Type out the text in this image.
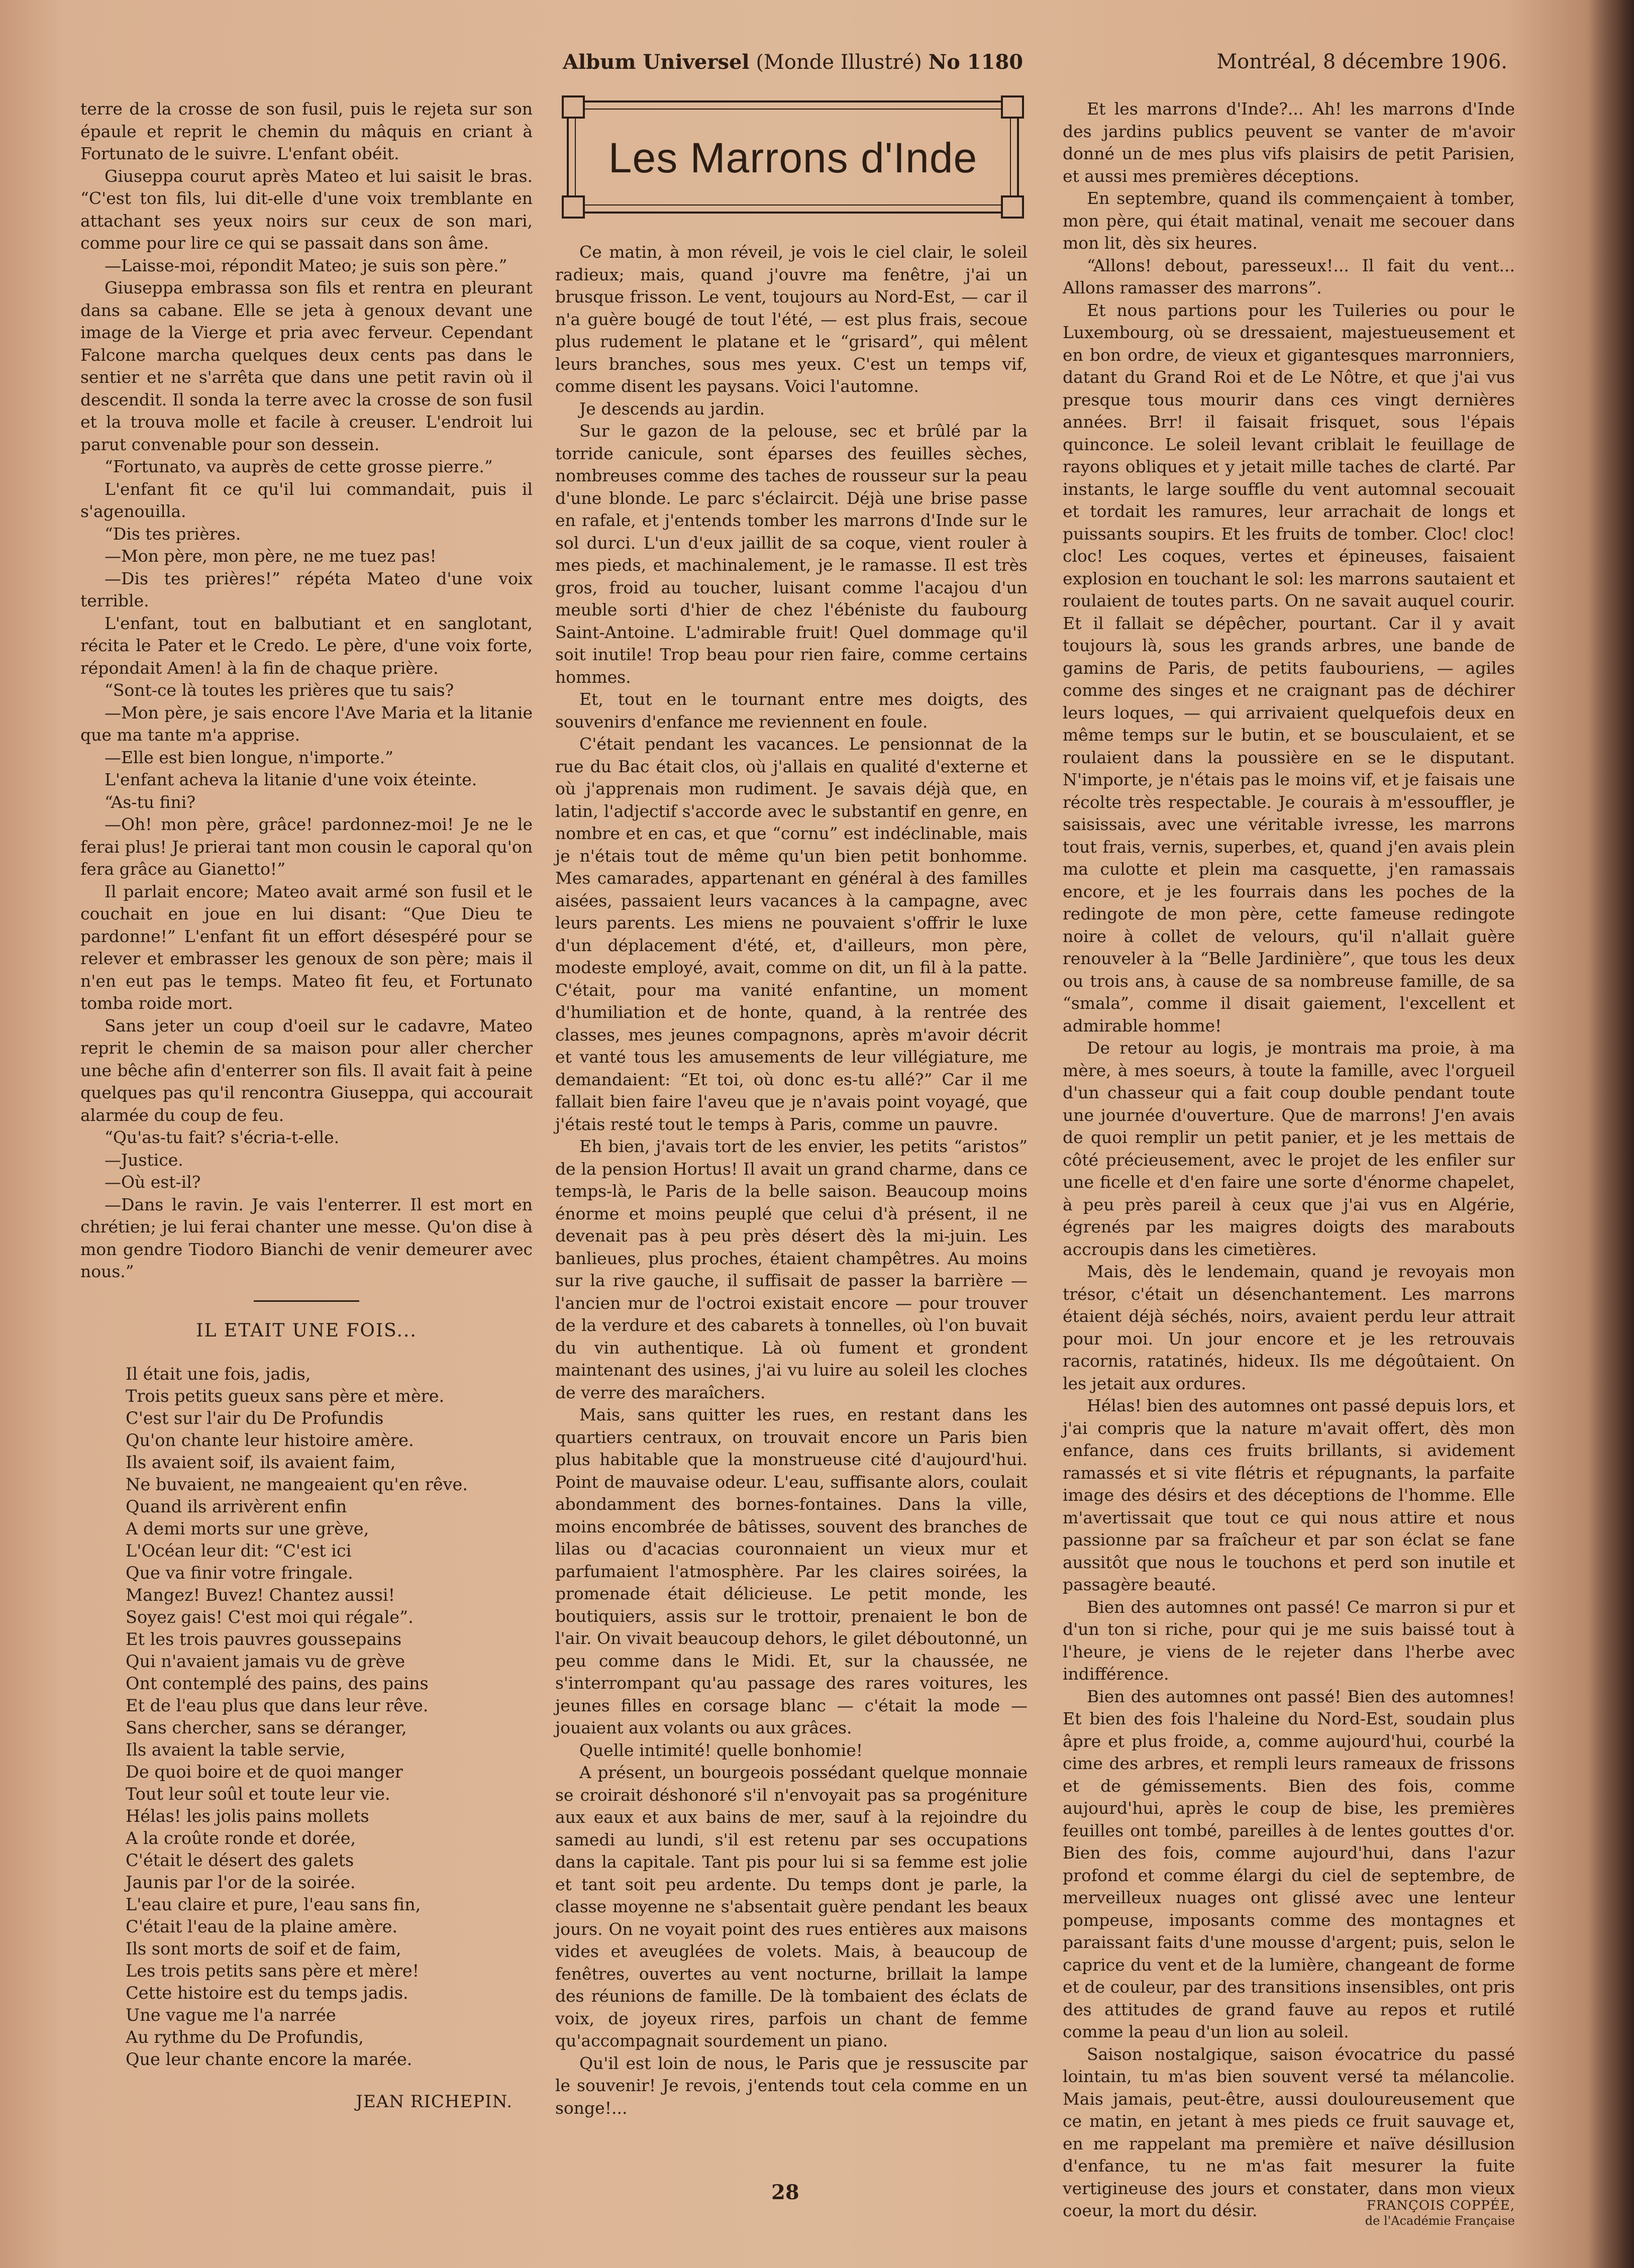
Album Universel (Monde Illustré) No 1180	Montréal, 8 décembre 1906.

terre de la crosse de son fusil, puis le rejeta sur son épaule et reprit le chemin du mâquis en criant à Fortunato de le suivre. L'enfant obéit.

Giuseppa courut après Mateo et lui saisit le bras. “C'est ton fils, lui dit-elle d'une voix tremblante en attachant ses yeux noirs sur ceux de son mari, comme pour lire ce qui se passait dans son âme.

—Laisse-moi, répondit Mateo; je suis son père.”

Giuseppa embrassa son fils et rentra en pleurant dans sa cabane. Elle se jeta à genoux devant une image de la Vierge et pria avec ferveur. Cependant Falcone marcha quelques deux cents pas dans le sentier et ne s'arrêta que dans une petit ravin où il descendit. Il sonda la terre avec la crosse de son fusil et la trouva molle et facile à creuser. L'endroit lui parut convenable pour son dessein.

“Fortunato, va auprès de cette grosse pierre.”

L'enfant fit ce qu'il lui commandait, puis il s'agenouilla.

“Dis tes prières.

—Mon père, mon père, ne me tuez pas!

—Dis tes prières!” répéta Mateo d'une voix terrible.

L'enfant, tout en balbutiant et en sanglotant, récita le Pater et le Credo. Le père, d'une voix forte, répondait Amen! à la fin de chaque prière.

“Sont-ce là toutes les prières que tu sais?

—Mon père, je sais encore l'Ave Maria et la litanie que ma tante m'a apprise.

—Elle est bien longue, n'importe.”

L'enfant acheva la litanie d'une voix éteinte.

“As-tu fini?

—Oh! mon père, grâce! pardonnez-moi! Je ne le ferai plus! Je prierai tant mon cousin le caporal qu'on fera grâce au Gianetto!”

Il parlait encore; Mateo avait armé son fusil et le couchait en joue en lui disant: “Que Dieu te pardonne!” L'enfant fit un effort désespéré pour se relever et embrasser les genoux de son père; mais il n'en eut pas le temps. Mateo fit feu, et Fortunato tomba roide mort.

Sans jeter un coup d'oeil sur le cadavre, Mateo reprit le chemin de sa maison pour aller chercher une bêche afin d'enterrer son fils. Il avait fait à peine quelques pas qu'il rencontra Giuseppa, qui accourait alarmée du coup de feu.

“Qu'as-tu fait? s'écria-t-elle.

—Justice.

—Où est-il?

—Dans le ravin. Je vais l'enterrer. Il est mort en chrétien; je lui ferai chanter une messe. Qu'on dise à mon gendre Tiodoro Bianchi de venir demeurer avec nous.”

IL ETAIT UNE FOIS...
Il était une fois, jadis,
Trois petits gueux sans père et mère.
C'est sur l'air du De Profundis
Qu'on chante leur histoire amère.
Ils avaient soif, ils avaient faim,
Ne buvaient, ne mangeaient qu'en rêve.
Quand ils arrivèrent enfin
A demi morts sur une grève,
L'Océan leur dit: “C'est ici
Que va finir votre fringale.
Mangez! Buvez! Chantez aussi!
Soyez gais! C'est moi qui régale”.
Et les trois pauvres goussepains
Qui n'avaient jamais vu de grève
Ont contemplé des pains, des pains
Et de l'eau plus que dans leur rêve.
Sans chercher, sans se déranger,
Ils avaient la table servie,
De quoi boire et de quoi manger
Tout leur soûl et toute leur vie.
Hélas! les jolis pains mollets
A la croûte ronde et dorée,
C'était le désert des galets
Jaunis par l'or de la soirée.
L'eau claire et pure, l'eau sans fin,
C'était l'eau de la plaine amère.
Ils sont morts de soif et de faim,
Les trois petits sans père et mère!
Cette histoire est du temps jadis.
Une vague me l'a narrée
Au rythme du De Profundis,
Que leur chante encore la marée.
JEAN RICHEPIN.
Les Marrons d'Inde

Ce matin, à mon réveil, je vois le ciel clair, le soleil radieux; mais, quand j'ouvre ma fenêtre, j'ai un brusque frisson. Le vent, toujours au Nord-Est, — car il n'a guère bougé de tout l'été, — est plus frais, secoue plus rudement le platane et le “grisard”, qui mêlent leurs branches, sous mes yeux. C'est un temps vif, comme disent les paysans. Voici l'automne.

Je descends au jardin.

Sur le gazon de la pelouse, sec et brûlé par la torride canicule, sont éparses des feuilles sèches, nombreuses comme des taches de rousseur sur la peau d'une blonde. Le parc s'éclaircit. Déjà une brise passe en rafale, et j'entends tomber les marrons d'Inde sur le sol durci. L'un d'eux jaillit de sa coque, vient rouler à mes pieds, et machinalement, je le ramasse. Il est très gros, froid au toucher, luisant comme l'acajou d'un meuble sorti d'hier de chez l'ébéniste du faubourg Saint-Antoine. L'admirable fruit! Quel dommage qu'il soit inutile! Trop beau pour rien faire, comme certains hommes.

Et, tout en le tournant entre mes doigts, des souvenirs d'enfance me reviennent en foule.

C'était pendant les vacances. Le pensionnat de la rue du Bac était clos, où j'allais en qualité d'externe et où j'apprenais mon rudiment. Je savais déjà que, en latin, l'adjectif s'accorde avec le substantif en genre, en nombre et en cas, et que “cornu” est indéclinable, mais je n'étais tout de même qu'un bien petit bonhomme. Mes camarades, appartenant en général à des familles aisées, passaient leurs vacances à la campagne, avec leurs parents. Les miens ne pouvaient s'offrir le luxe d'un déplacement d'été, et, d'ailleurs, mon père, modeste employé, avait, comme on dit, un fil à la patte. C'était, pour ma vanité enfantine, un moment d'humiliation et de honte, quand, à la rentrée des classes, mes jeunes compagnons, après m'avoir décrit et vanté tous les amusements de leur villégiature, me demandaient: “Et toi, où donc es-tu allé?” Car il me fallait bien faire l'aveu que je n'avais point voyagé, que j'étais resté tout le temps à Paris, comme un pauvre.

Eh bien, j'avais tort de les envier, les petits “aristos” de la pension Hortus! Il avait un grand charme, dans ce temps-là, le Paris de la belle saison. Beaucoup moins énorme et moins peuplé que celui d'à présent, il ne devenait pas à peu près désert dès la mi-juin. Les banlieues, plus proches, étaient champêtres. Au moins sur la rive gauche, il suffisait de passer la barrière — l'ancien mur de l'octroi existait encore — pour trouver de la verdure et des cabarets à tonnelles, où l'on buvait du vin authentique. Là où fument et grondent maintenant des usines, j'ai vu luire au soleil les cloches de verre des maraîchers.

Mais, sans quitter les rues, en restant dans les quartiers centraux, on trouvait encore un Paris bien plus habitable que la monstrueuse cité d'aujourd'hui. Point de mauvaise odeur. L'eau, suffisante alors, coulait abondamment des bornes-fontaines. Dans la ville, moins encombrée de bâtisses, souvent des branches de lilas ou d'acacias couronnaient un vieux mur et parfumaient l'atmosphère. Par les claires soirées, la promenade était délicieuse. Le petit monde, les boutiquiers, assis sur le trottoir, prenaient le bon de l'air. On vivait beaucoup dehors, le gilet déboutonné, un peu comme dans le Midi. Et, sur la chaussée, ne s'interrompant qu'au passage des rares voitures, les jeunes filles en corsage blanc — c'était la mode — jouaient aux volants ou aux grâces.

Quelle intimité! quelle bonhomie!

A présent, un bourgeois possédant quelque monnaie se croirait déshonoré s'il n'envoyait pas sa progéniture aux eaux et aux bains de mer, sauf à la rejoindre du samedi au lundi, s'il est retenu par ses occupations dans la capitale. Tant pis pour lui si sa femme est jolie et tant soit peu ardente. Du temps dont je parle, la classe moyenne ne s'absentait guère pendant les beaux jours. On ne voyait point des rues entières aux maisons vides et aveuglées de volets. Mais, à beaucoup de fenêtres, ouvertes au vent nocturne, brillait la lampe des réunions de famille. De là tombaient des éclats de voix, de joyeux rires, parfois un chant de femme qu'accompagnait sourdement un piano.

Qu'il est loin de nous, le Paris que je ressuscite par le souvenir! Je revois, j'entends tout cela comme en un songe!...

Et les marrons d'Inde?... Ah! les marrons d'Inde des jardins publics peuvent se vanter de m'avoir donné un de mes plus vifs plaisirs de petit Parisien, et aussi mes premières déceptions.

En septembre, quand ils commençaient à tomber, mon père, qui était matinal, venait me secouer dans mon lit, dès six heures.

“Allons! debout, paresseux!... Il fait du vent... Allons ramasser des marrons”.

Et nous partions pour les Tuileries ou pour le Luxembourg, où se dressaient, majestueusement et en bon ordre, de vieux et gigantesques marronniers, datant du Grand Roi et de Le Nôtre, et que j'ai vus presque tous mourir dans ces vingt dernières années. Brr! il faisait frisquet, sous l'épais quinconce. Le soleil levant criblait le feuillage de rayons obliques et y jetait mille taches de clarté. Par instants, le large souffle du vent automnal secouait et tordait les ramures, leur arrachait de longs et puissants soupirs. Et les fruits de tomber. Cloc! cloc! cloc! Les coques, vertes et épineuses, faisaient explosion en touchant le sol: les marrons sautaient et roulaient de toutes parts. On ne savait auquel courir. Et il fallait se dépêcher, pourtant. Car il y avait toujours là, sous les grands arbres, une bande de gamins de Paris, de petits faubouriens, — agiles comme des singes et ne craignant pas de déchirer leurs loques, — qui arrivaient quelquefois deux en même temps sur le butin, et se bousculaient, et se roulaient dans la poussière en se le disputant. N'importe, je n'étais pas le moins vif, et je faisais une récolte très respectable. Je courais à m'essouffler, je saisissais, avec une véritable ivresse, les marrons tout frais, vernis, superbes, et, quand j'en avais plein ma culotte et plein ma casquette, j'en ramassais encore, et je les fourrais dans les poches de la redingote de mon père, cette fameuse redingote noire à collet de velours, qu'il n'allait guère renouveler à la “Belle Jardinière”, que tous les deux ou trois ans, à cause de sa nombreuse famille, de sa “smala”, comme il disait gaiement, l'excellent et admirable homme!

De retour au logis, je montrais ma proie, à ma mère, à mes soeurs, à toute la famille, avec l'orgueil d'un chasseur qui a fait coup double pendant toute une journée d'ouverture. Que de marrons! J'en avais de quoi remplir un petit panier, et je les mettais de côté précieusement, avec le projet de les enfiler sur une ficelle et d'en faire une sorte d'énorme chapelet, à peu près pareil à ceux que j'ai vus en Algérie, égrenés par les maigres doigts des marabouts accroupis dans les cimetières.

Mais, dès le lendemain, quand je revoyais mon trésor, c'était un désenchantement. Les marrons étaient déjà séchés, noirs, avaient perdu leur attrait pour moi. Un jour encore et je les retrouvais racornis, ratatinés, hideux. Ils me dégoûtaient. On les jetait aux ordures.

Hélas! bien des automnes ont passé depuis lors, et j'ai compris que la nature m'avait offert, dès mon enfance, dans ces fruits brillants, si avidement ramassés et si vite flétris et répugnants, la parfaite image des désirs et des déceptions de l'homme. Elle m'avertissait que tout ce qui nous attire et nous passionne par sa fraîcheur et par son éclat se fane aussitôt que nous le touchons et perd son inutile et passagère beauté.

Bien des automnes ont passé! Ce marron si pur et d'un ton si riche, pour qui je me suis baissé tout à l'heure, je viens de le rejeter dans l'herbe avec indifférence.

Bien des automnes ont passé! Bien des automnes! Et bien des fois l'haleine du Nord-Est, soudain plus âpre et plus froide, a, comme aujourd'hui, courbé la cime des arbres, et rempli leurs rameaux de frissons et de gémissements. Bien des fois, comme aujourd'hui, après le coup de bise, les premières feuilles ont tombé, pareilles à de lentes gouttes d'or. Bien des fois, comme aujourd'hui, dans l'azur profond et comme élargi du ciel de septembre, de merveilleux nuages ont glissé avec une lenteur pompeuse, imposants comme des montagnes et paraissant faits d'une mousse d'argent; puis, selon le caprice du vent et de la lumière, changeant de forme et de couleur, par des transitions insensibles, ont pris des attitudes de grand fauve au repos et rutilé comme la peau d'un lion au soleil.

Saison nostalgique, saison évocatrice du passé lointain, tu m'as bien souvent versé ta mélancolie. Mais jamais, peut-être, aussi douloureusement que ce matin, en jetant à mes pieds ce fruit sauvage et, en me rappelant ma première et naïve désillusion d'enfance, tu ne m'as fait mesurer la fuite vertigineuse des jours et constater, dans mon vieux coeur, la mort du désir.	FRANÇOIS COPPÉE,
de l'Académie Française
28
